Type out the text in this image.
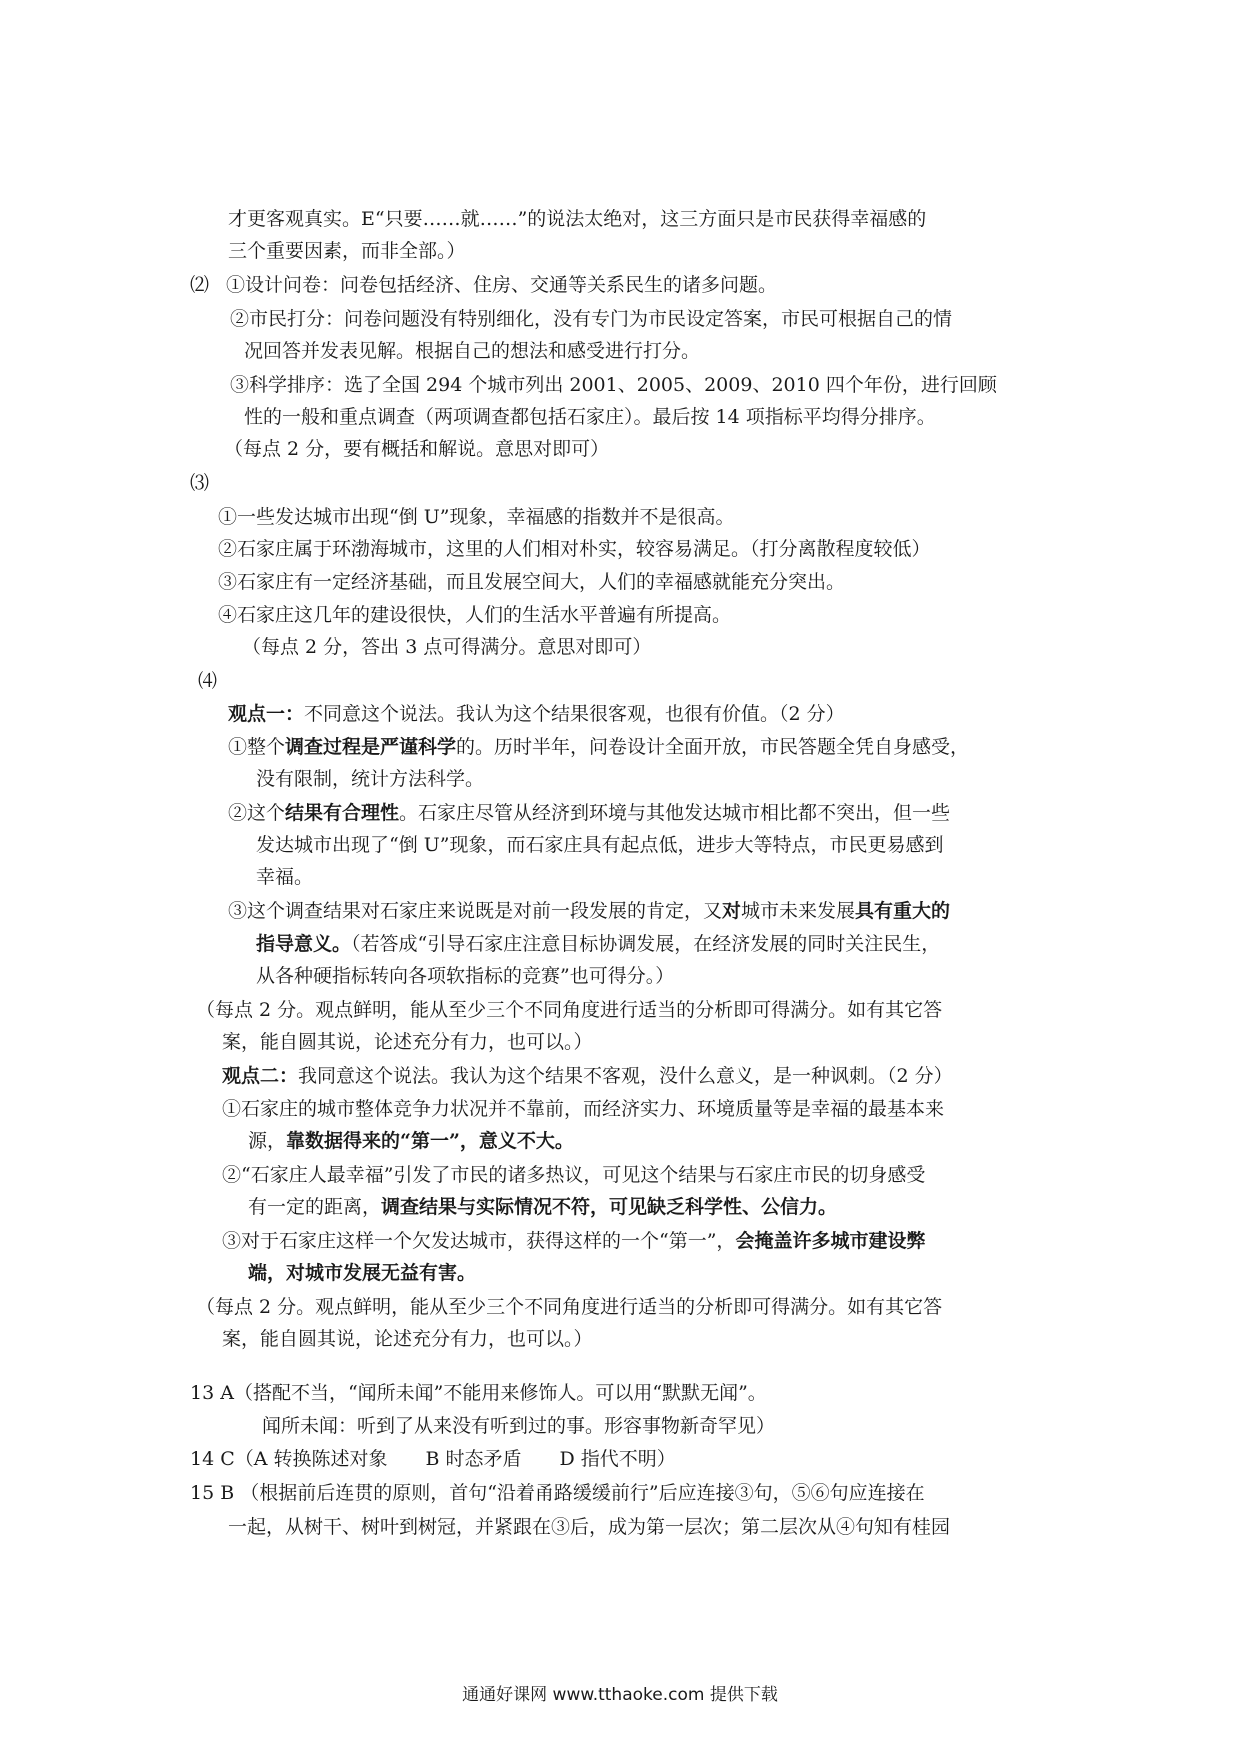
才更客观真实。E“只要……就……”的说法太绝对，这三方面只是市民获得幸福感的
三个重要因素，而非全部。）
⑵ ①设计问卷：问卷包括经济、住房、交通等关系民生的诸多问题。
②市民打分：问卷问题没有特别细化，没有专门为市民设定答案，市民可根据自己的情
况回答并发表见解。根据自己的想法和感受进行打分。
③科学排序：选了全国 294 个城市列出 2001、2005、2009、2010 四个年份，进行回顾
性的一般和重点调查（两项调查都包括石家庄）。最后按 14 项指标平均得分排序。
（每点 2 分，要有概括和解说。意思对即可）
⑶
①一些发达城市出现“倒 U”现象，幸福感的指数并不是很高。
②石家庄属于环渤海城市，这里的人们相对朴实，较容易满足。（打分离散程度较低）
③石家庄有一定经济基础，而且发展空间大，人们的幸福感就能充分突出。
④石家庄这几年的建设很快，人们的生活水平普遍有所提高。
（每点 2 分，答出 3 点可得满分。意思对即可）
⑷
观点一：不同意这个说法。我认为这个结果很客观，也很有价值。（2 分）
①整个调查过程是严谨科学的。历时半年，问卷设计全面开放，市民答题全凭自身感受，
没有限制，统计方法科学。
②这个结果有合理性。石家庄尽管从经济到环境与其他发达城市相比都不突出，但一些
发达城市出现了“倒 U”现象，而石家庄具有起点低，进步大等特点，市民更易感到
幸福。
③这个调查结果对石家庄来说既是对前一段发展的肯定，又对城市未来发展具有重大的
指导意义。（若答成“引导石家庄注意目标协调发展，在经济发展的同时关注民生，
从各种硬指标转向各项软指标的竞赛”也可得分。）
（每点 2 分。观点鲜明，能从至少三个不同角度进行适当的分析即可得满分。如有其它答
案，能自圆其说，论述充分有力，也可以。）
观点二：我同意这个说法。我认为这个结果不客观，没什么意义，是一种讽刺。（2 分）
①石家庄的城市整体竞争力状况并不靠前，而经济实力、环境质量等是幸福的最基本来
源，靠数据得来的“第一”，意义不大。
②“石家庄人最幸福”引发了市民的诸多热议，可见这个结果与石家庄市民的切身感受
有一定的距离，调查结果与实际情况不符，可见缺乏科学性、公信力。
③对于石家庄这样一个欠发达城市，获得这样的一个“第一”，会掩盖许多城市建设弊
端，对城市发展无益有害。
（每点 2 分。观点鲜明，能从至少三个不同角度进行适当的分析即可得满分。如有其它答
案，能自圆其说，论述充分有力，也可以。）
13 A（搭配不当，“闻所未闻”不能用来修饰人。可以用“默默无闻”。
闻所未闻：听到了从来没有听到过的事。形容事物新奇罕见）
14 C（A 转换陈述对象　　B 时态矛盾　　D 指代不明）
15 B （根据前后连贯的原则，首句“沿着甬路缓缓前行”后应连接③句，⑤⑥句应连接在
一起，从树干、树叶到树冠，并紧跟在③后，成为第一层次；第二层次从④句知有桂园
通通好课网 www.tthaoke.com 提供下载
